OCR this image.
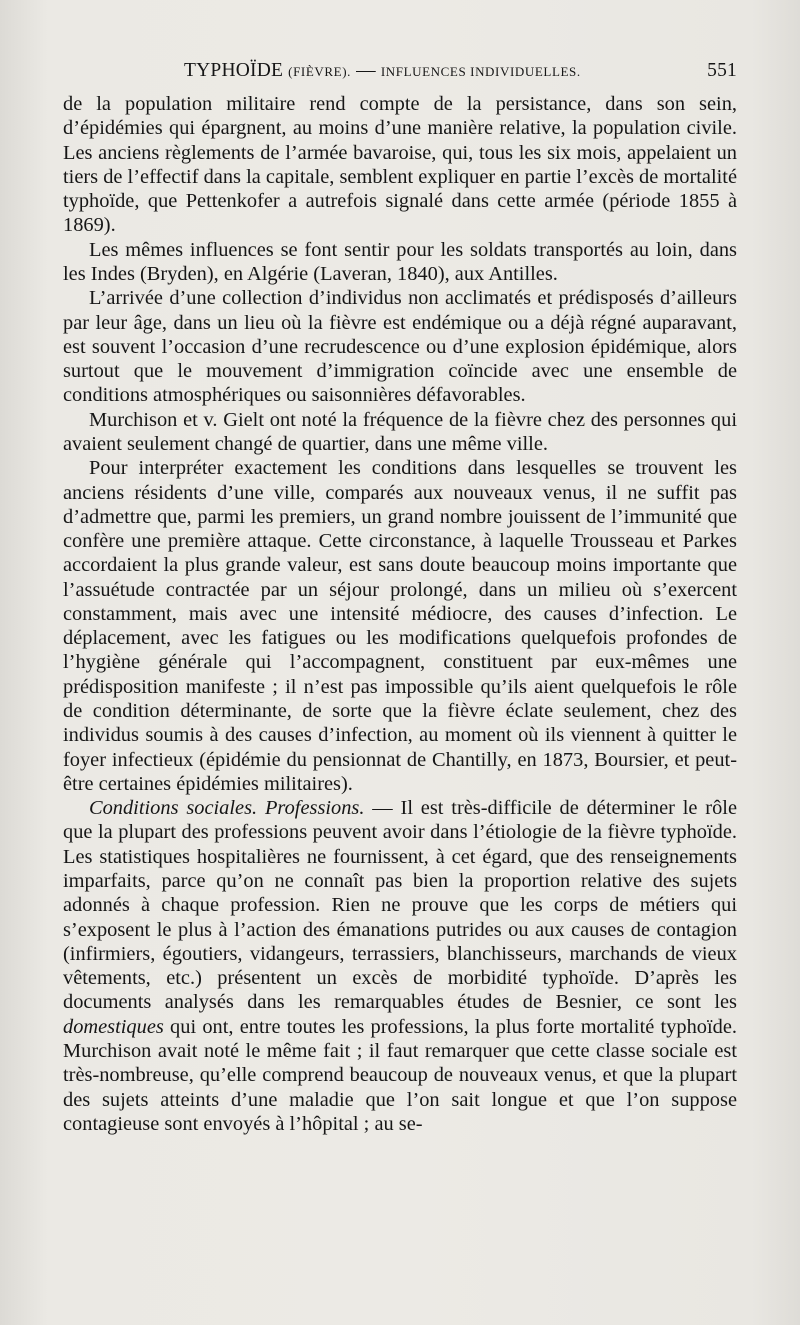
TYPHOÏDE (FIÈVRE). — INFLUENCES INDIVIDUELLES.	551

de la population militaire rend compte de la persistance, dans son sein, d’épidémies qui épargnent, au moins d’une manière relative, la population civile. Les anciens règlements de l’armée bavaroise, qui, tous les six mois, appelaient un tiers de l’effectif dans la capitale, semblent expliquer en partie l’excès de mortalité typhoïde, que Pettenkofer a autrefois signalé dans cette armée (période 1855 à 1869).

Les mêmes influences se font sentir pour les soldats transportés au loin, dans les Indes (Bryden), en Algérie (Laveran, 1840), aux Antilles.

L’arrivée d’une collection d’individus non acclimatés et prédisposés d’ailleurs par leur âge, dans un lieu où la fièvre est endémique ou a déjà régné auparavant, est souvent l’occasion d’une recrudescence ou d’une explosion épidémique, alors surtout que le mouvement d’immigration coïncide avec une ensemble de conditions atmosphériques ou saisonnières défavorables.

Murchison et v. Gielt ont noté la fréquence de la fièvre chez des personnes qui avaient seulement changé de quartier, dans une même ville.

Pour interpréter exactement les conditions dans lesquelles se trouvent les anciens résidents d’une ville, comparés aux nouveaux venus, il ne suffit pas d’admettre que, parmi les premiers, un grand nombre jouissent de l’immunité que confère une première attaque. Cette circonstance, à laquelle Trousseau et Parkes accordaient la plus grande valeur, est sans doute beaucoup moins importante que l’assuétude contractée par un séjour prolongé, dans un milieu où s’exercent constamment, mais avec une intensité médiocre, des causes d’infection. Le déplacement, avec les fatigues ou les modifications quelquefois profondes de l’hygiène générale qui l’accompagnent, constituent par eux-mêmes une prédisposition manifeste ; il n’est pas impossible qu’ils aient quelquefois le rôle de condition déterminante, de sorte que la fièvre éclate seulement, chez des individus soumis à des causes d’infection, au moment où ils viennent à quitter le foyer infectieux (épidémie du pensionnat de Chantilly, en 1873, Boursier, et peut-être certaines épidémies militaires).

Conditions sociales. Professions. — Il est très-difficile de déterminer le rôle que la plupart des professions peuvent avoir dans l’étiologie de la fièvre typhoïde. Les statistiques hospitalières ne fournissent, à cet égard, que des renseignements imparfaits, parce qu’on ne connaît pas bien la proportion relative des sujets adonnés à chaque profession. Rien ne prouve que les corps de métiers qui s’exposent le plus à l’action des émanations putrides ou aux causes de contagion (infirmiers, égoutiers, vidangeurs, terrassiers, blanchisseurs, marchands de vieux vêtements, etc.) présentent un excès de morbidité typhoïde. D’après les documents analysés dans les remarquables études de Besnier, ce sont les domestiques qui ont, entre toutes les professions, la plus forte mortalité typhoïde. Murchison avait noté le même fait ; il faut remarquer que cette classe sociale est très-nombreuse, qu’elle comprend beaucoup de nouveaux venus, et que la plupart des sujets atteints d’une maladie que l’on sait longue et que l’on suppose contagieuse sont envoyés à l’hôpital ; au se-
